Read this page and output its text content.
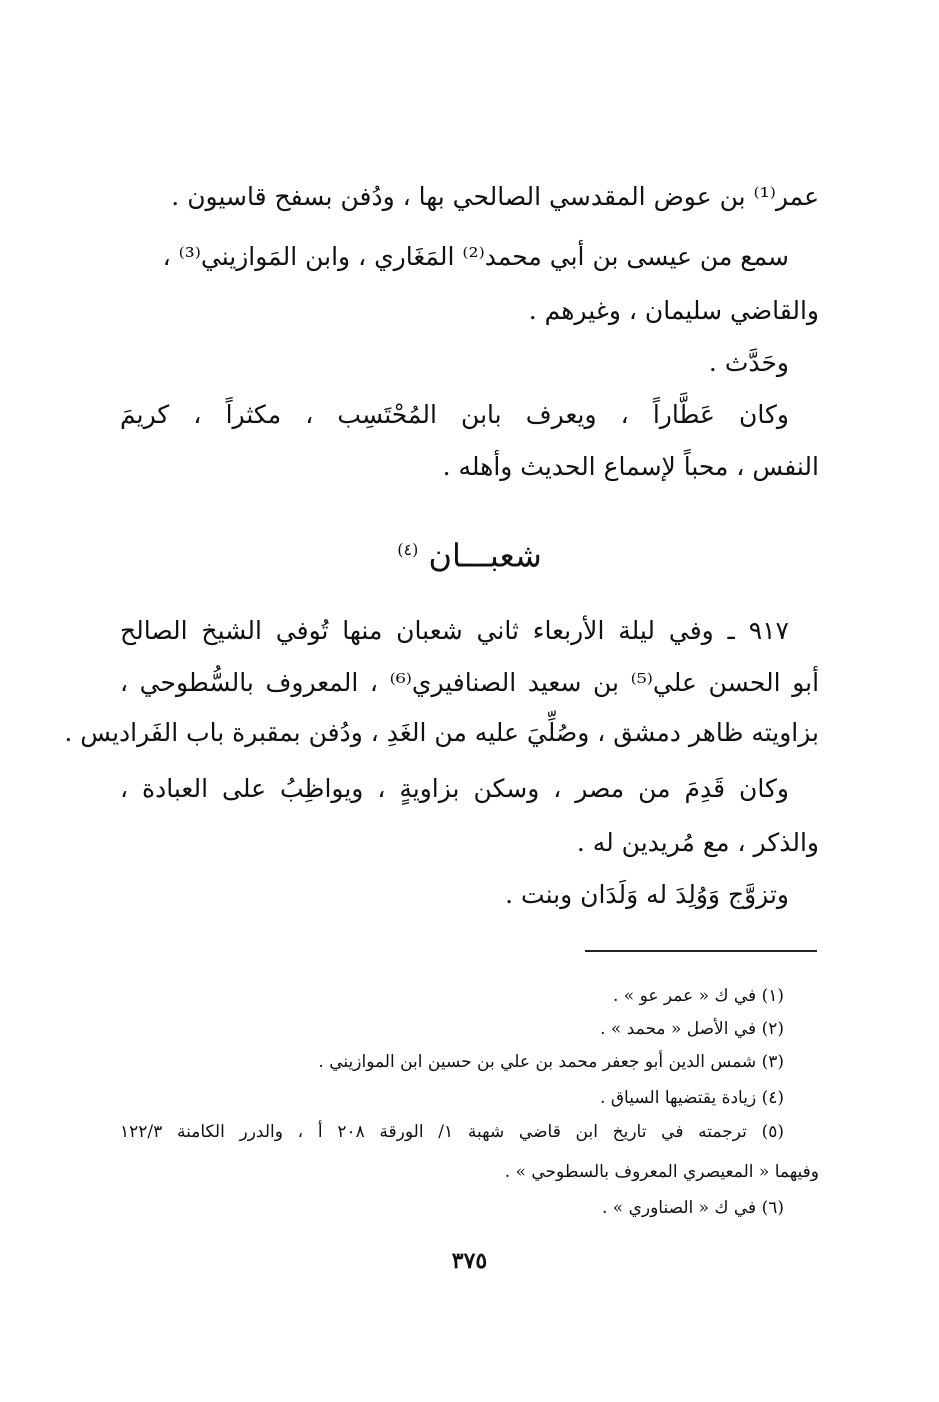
عمر⁽¹⁾ بن عوض المقدسي الصالحي بها ، ودُفن بسفح قاسيون .
سمع من عيسى بن أبي محمد⁽²⁾ المَغَاري ، وابن المَوازيني⁽³⁾ ،
والقاضي سليمان ، وغيرهم .
وحَدَّث .
وكان عَطَّاراً ، ويعرف بابن المُحْتَسِب ، مكثراً ، كريمَ
النفس ، محباً لإسماع الحديث وأهله .
شعبـــان $^{(٤)}$
٩١٧ ـ وفي ليلة الأربعاء ثاني شعبان منها تُوفي الشيخ الصالح
أبو الحسن علي⁽⁵⁾ بن سعيد الصنافيري⁽⁶⁾ ، المعروف بالسُّطوحي ،
بزاويته ظاهر دمشق ، وصُلِّيَ عليه من الغَدِ ، ودُفن بمقبرة باب الفَراديس .
وكان قَدِمَ من مصر ، وسكن بزاويةٍ ، ويواظِبُ على العبادة ،
والذكر ، مع مُريدين له .
وتزوَّج وَوُلِدَ له وَلَدَان وبنت .
(١) في ك « عمر عو » .
(٢) في الأصل « محمد » .
(٣) شمس الدين أبو جعفر محمد بن علي بن حسين ابن الموازيني .
(٤) زيادة يقتضيها السياق .
(٥) ترجمته في تاريخ ابن قاضي شهبة ١/ الورقة ٢٠٨ أ ، والدرر الكامنة ١٢٢/٣
وفيهما « المعيصري المعروف بالسطوحي » .
(٦) في ك « الصناوري » .
٣٧٥
